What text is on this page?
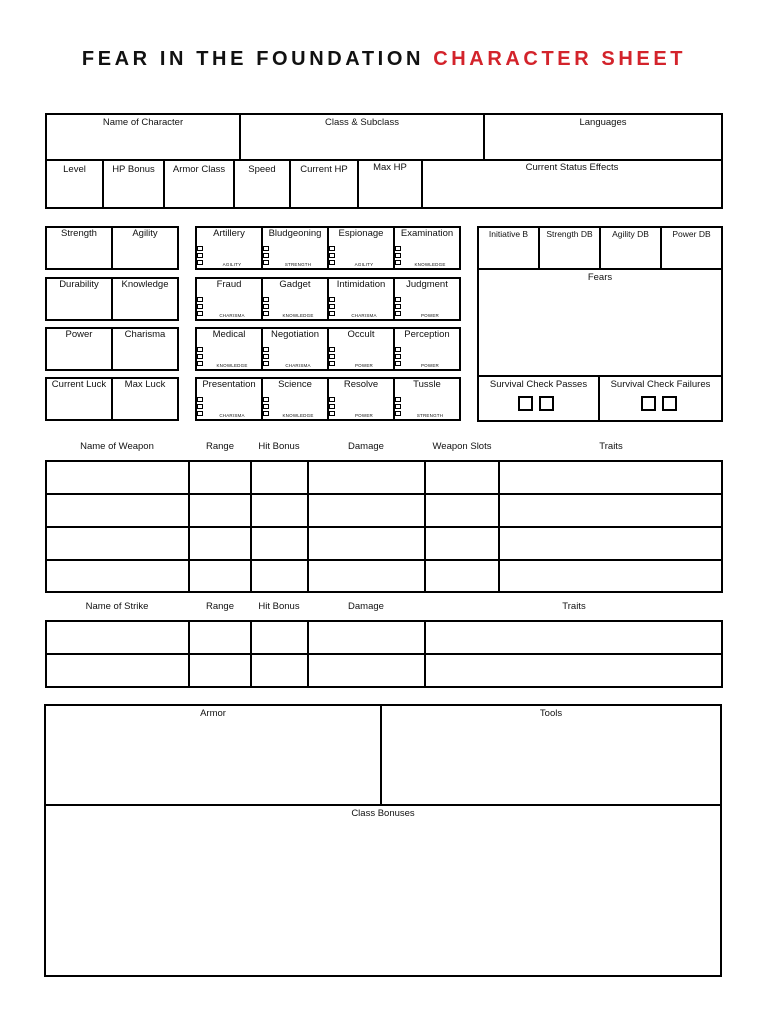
FEAR IN THE FOUNDATION CHARACTER SHEET
Name of Character	Class & Subclass	Languages
Level	HP Bonus	Armor Class	Speed	Current HP	Max HP	Current Status Effects
Strength	Agility
Durability	Knowledge
Power	Charisma
Current Luck	Max Luck
Artillery	Bludgeoning	Espionage	Examination
AGILITY	STRENGTH	AGILITY	KNOWLEDGE
Fraud	Gadget	Intimidation	Judgment
CHARISMA	KNOWLEDGE	CHARISMA	POWER
Medical	Negotiation	Occult	Perception
KNOWLEDGE	CHARISMA	POWER	POWER
Presentation	Science	Resolve	Tussle
CHARISMA	KNOWLEDGE	POWER	STRENGTH
Initiative B	Strength DB	Agility DB	Power DB
Fears
Survival Check Passes	Survival Check Failures
Name of Weapon	Range	Hit Bonus	Damage	Weapon Slots	Traits
Name of Strike	Range	Hit Bonus	Damage	Traits
Armor	Tools
Class Bonuses
